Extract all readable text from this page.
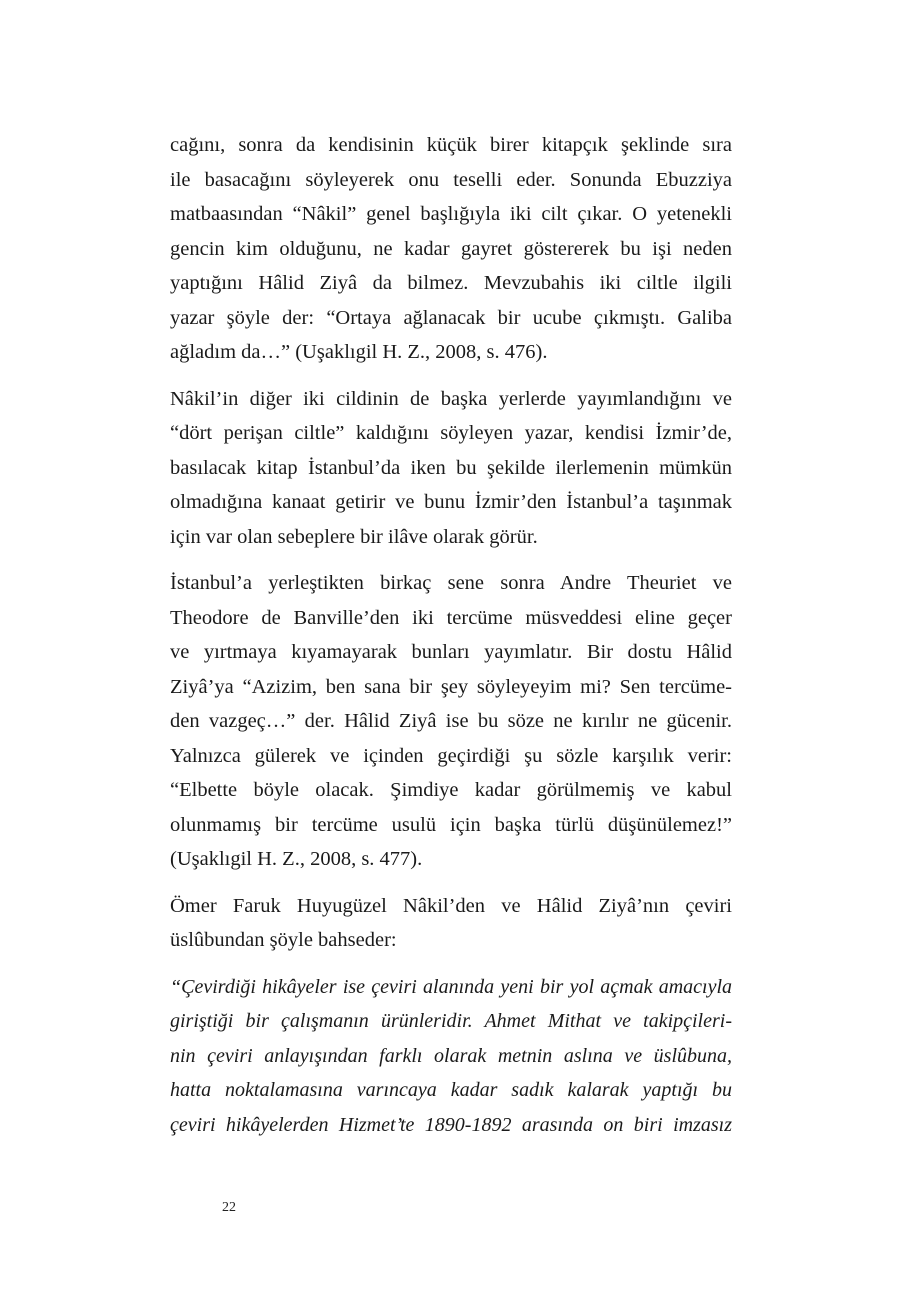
cağını, sonra da kendisinin küçük birer kitapçık şeklinde sıra
ile basacağını söyleyerek onu teselli eder. Sonunda Ebuzziya
matbaasından “Nâkil” genel başlığıyla iki cilt çıkar. O yetenekli
gencin kim olduğunu, ne kadar gayret göstererek bu işi neden
yaptığını Hâlid Ziyâ da bilmez. Mevzubahis iki ciltle ilgili
yazar şöyle der: “Ortaya ağlanacak bir ucube çıkmıştı. Galiba
ağladım da…” (Uşaklıgil H. Z., 2008, s. 476).
Nâkil’in diğer iki cildinin de başka yerlerde yayımlandığını ve
“dört perişan ciltle” kaldığını söyleyen yazar, kendisi İzmir’de,
basılacak kitap İstanbul’da iken bu şekilde ilerlemenin mümkün
olmadığına kanaat getirir ve bunu İzmir’den İstanbul’a taşınmak
için var olan sebeplere bir ilâve olarak görür.
İstanbul’a yerleştikten birkaç sene sonra Andre Theuriet ve
Theodore de Banville’den iki tercüme müsveddesi eline geçer
ve yırtmaya kıyamayarak bunları yayımlatır. Bir dostu Hâlid
Ziyâ’ya “Azizim, ben sana bir şey söyleyeyim mi? Sen tercüme-
den vazgeç…” der. Hâlid Ziyâ ise bu söze ne kırılır ne gücenir.
Yalnızca gülerek ve içinden geçirdiği şu sözle karşılık verir:
“Elbette böyle olacak. Şimdiye kadar görülmemiş ve kabul
olunmamış bir tercüme usulü için başka türlü düşünülemez!”
(Uşaklıgil H. Z., 2008, s. 477).
Ömer Faruk Huyugüzel Nâkil’den ve Hâlid Ziyâ’nın çeviri
üslûbundan şöyle bahseder:
“Çevirdiği hikâyeler ise çeviri alanında yeni bir yol açmak amacıyla
giriştiği bir çalışmanın ürünleridir. Ahmet Mithat ve takipçileri-
nin çeviri anlayışından farklı olarak metnin aslına ve üslûbuna,
hatta noktalamasına varıncaya kadar sadık kalarak yaptığı bu
çeviri hikâyelerden Hizmet’te 1890-1892 arasında on biri imzasız
22
